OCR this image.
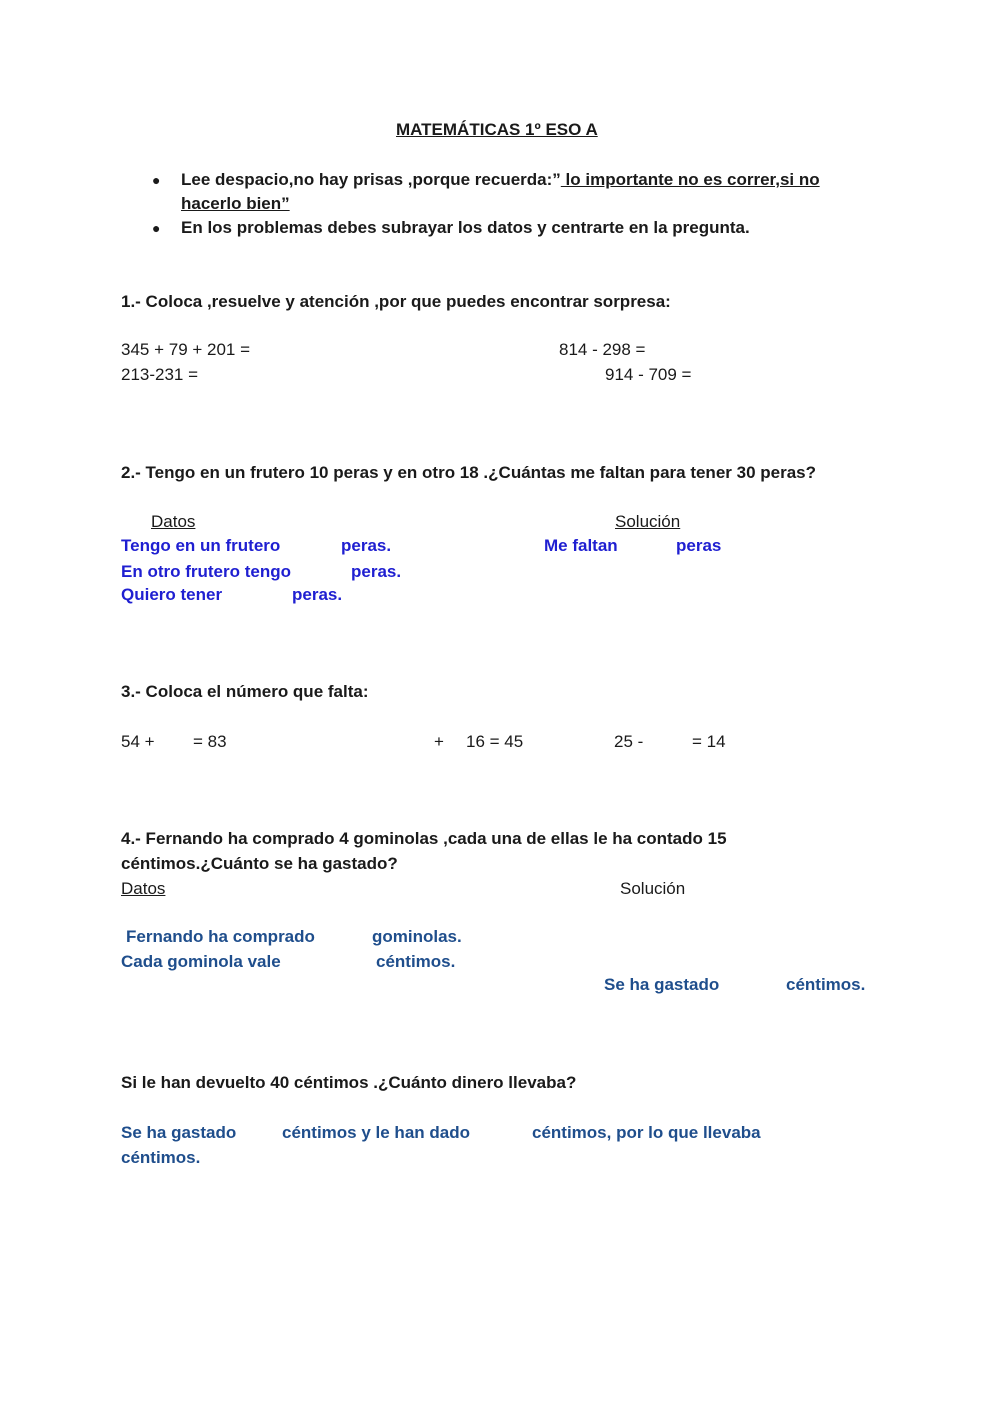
MATEMÁTICAS 1º ESO A
● Lee despacio,no hay prisas ,porque recuerda:” lo importante no es correr,si no
hacerlo bien”
● En los problemas debes subrayar los datos y centrarte en la pregunta.
1.- Coloca ,resuelve y atención ,por que puedes encontrar sorpresa:
345 + 79 + 201 =	814 - 298 =
213-231 =	914 - 709 =
2.- Tengo en un frutero 10 peras y en otro 18 .¿Cuántas me faltan para tener 30 peras?
Datos	Solución
Tengo en un frutero	peras.	Me faltan	peras
En otro frutero tengo	peras.
Quiero tener	peras.
3.- Coloca el número que falta:
54 + = 83	+ 16 = 45	25 -	= 14
4.- Fernando ha comprado 4 gominolas ,cada una de ellas le ha contado 15
céntimos.¿Cuánto se ha gastado?
Datos	Solución
Fernando ha comprado	gominolas.
Cada gominola vale	céntimos.
Se ha gastado	céntimos.
Si le han devuelto 40 céntimos .¿Cuánto dinero llevaba?
Se ha gastado	céntimos y le han dado	céntimos, por lo que llevaba
céntimos.
